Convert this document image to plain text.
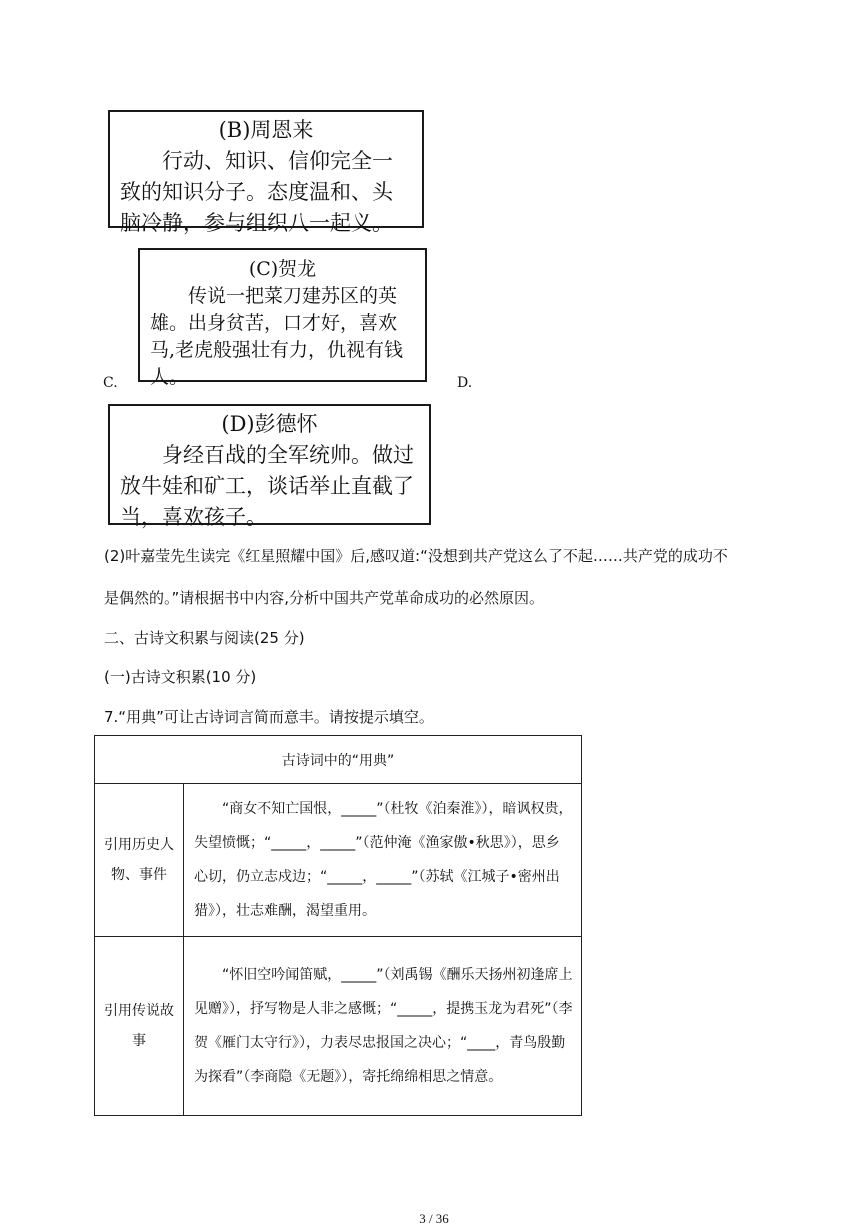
(B)周恩来
行动、知识、信仰完全一致的知识分子。态度温和、头脑冷静，参与组织八一起义。
(C)贺龙
传说一把菜刀建苏区的英雄。出身贫苦，口才好，喜欢马,老虎般强壮有力，仇视有钱人。
C.	D.
(D)彭德怀
身经百战的全军统帅。做过放牛娃和矿工，谈话举止直截了当，喜欢孩子。
(2)叶嘉莹先生读完《红星照耀中国》后,感叹道:“没想到共产党这么了不起……共产党的成功不
是偶然的。”请根据书中内容,分析中国共产党革命成功的必然原因。
二、古诗文积累与阅读(25 分)
(一)古诗文积累(10 分)
7.“用典”可让古诗词言简而意丰。请按提示填空。
古诗词中的“用典”	
引用历史人物、事件	“商女不知亡国恨，_____”（杜牧《泊秦淮》），暗讽权贵，失望愤慨；“_____，_____”（范仲淹《渔家傲•秋思》），思乡心切，仍立志戍边；“_____，_____”（苏轼《江城子•密州出猎》），壮志难酬，渴望重用。
引用传说故事	“怀旧空吟闻笛赋，_____”（刘禹锡《酬乐天扬州初逢席上见赠》），抒写物是人非之感慨；“_____，提携玉龙为君死”（李贺《雁门太守行》），力表尽忠报国之决心；“____，青鸟殷勤为探看”（李商隐《无题》），寄托绵绵相思之情意。
3 / 36
